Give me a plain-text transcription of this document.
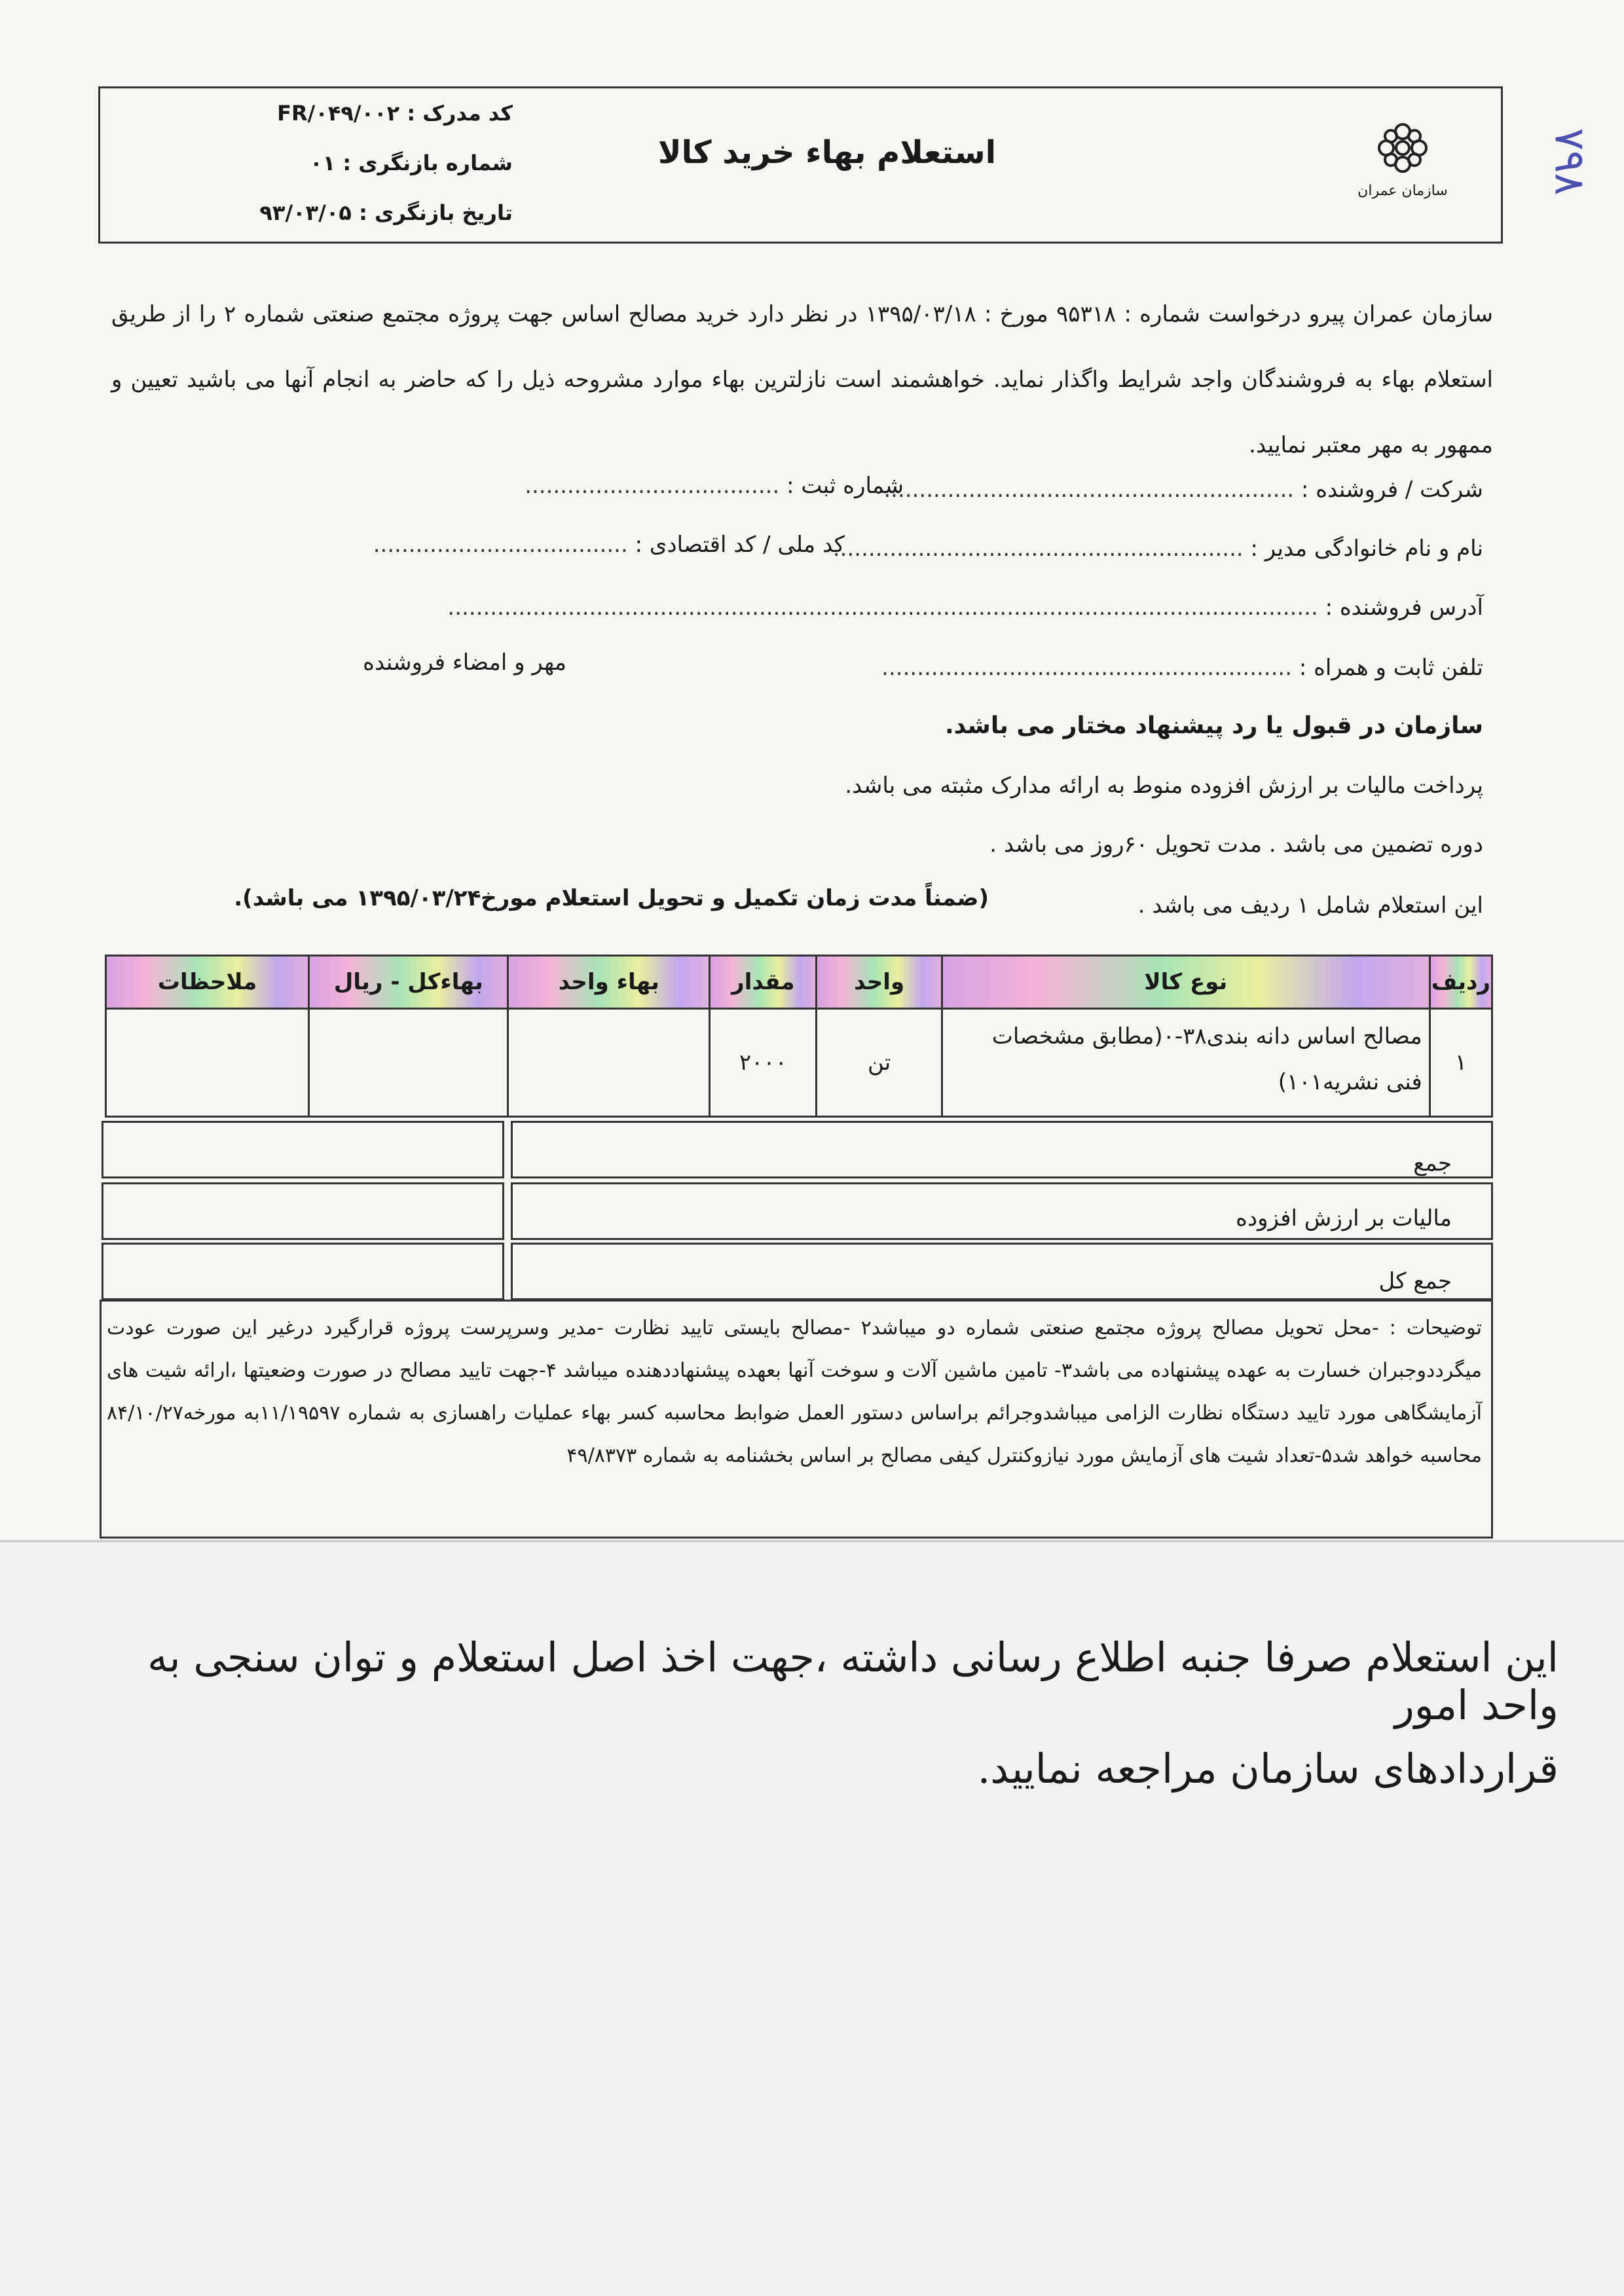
کد مدرک : FR/۰۴۹/۰۰۲
شماره بازنگری : ۰۱
تاریخ بازنگری : ۹۳/۰۳/۰۵
استعلام بهاء خرید کالا
سازمان عمران ۷۹۸
سازمان عمران پیرو درخواست شماره : ۹۵۳۱۸ مورخ : ۱۳۹۵/۰۳/۱۸ در نظر دارد خرید مصالح اساس جهت پروژه مجتمع صنعتی شماره ۲ را از طریق استعلام بهاء به فروشندگان واجد شرایط واگذار نماید. خواهشمند است نازلترین بهاء موارد مشروحه ذیل را که حاضر به انجام آنها می باشید تعیین و ممهور به مهر معتبر نمایید.
شرکت / فروشنده : ..........................................................
شماره ثبت : ....................................
نام و نام خانوادگی مدیر : ..........................................................
کد ملی / کد اقتصادی : ....................................
آدرس فروشنده : ...........................................................................................................................
تلفن ثابت و همراه : ..........................................................
مهر و امضاء فروشنده
سازمان در قبول یا رد پیشنهاد مختار می باشد.
پرداخت مالیات بر ارزش افزوده منوط به ارائه مدارک مثبته می باشد.
دوره تضمین می باشد . مدت تحویل ۶۰روز می باشد .
این استعلام شامل ۱ ردیف می باشد .
(ضمناً مدت زمان تکمیل و تحویل استعلام مورخ۱۳۹۵/۰۳/۲۴ می باشد).
ردیف	نوع کالا	واحد	مقدار	بهاء واحد	بهاءکل - ریال	ملاحظات
۱	مصالح اساس دانه بندی۳۸-۰(مطابق مشخصات فنی نشریه۱۰۱)	تن	۲۰۰۰			
جمع
مالیات بر ارزش افزوده
جمع کل
توضیحات : -محل تحویل مصالح پروژه مجتمع صنعتی شماره دو میباشد۲ -مصالح بایستی تایید نظارت -مدیر وسرپرست پروژه قرارگیرد درغیر این صورت عودت میگرددوجبران خسارت به عهده پیشنهاده می باشد۳- تامین ماشین آلات و سوخت آنها بعهده پیشنهاددهنده میباشد ۴-جهت تایید مصالح در صورت وضعیتها ،ارائه شیت های آزمایشگاهی مورد تایید دستگاه نظارت الزامی میباشدوجرائم براساس دستور العمل ضوابط محاسبه کسر بهاء عملیات راهسازی به شماره ۱۱/۱۹۵۹۷به مورخه۸۴/۱۰/۲۷ محاسبه خواهد شد۵-تعداد شیت های آزمایش مورد نیازوکنترل کیفی مصالح بر اساس بخشنامه به شماره ۴۹/۸۳۷۳
این استعلام صرفا جنبه اطلاع رسانی داشته ،جهت اخذ اصل استعلام و توان سنجی به واحد امور
قراردادهای سازمان مراجعه نمایید.
